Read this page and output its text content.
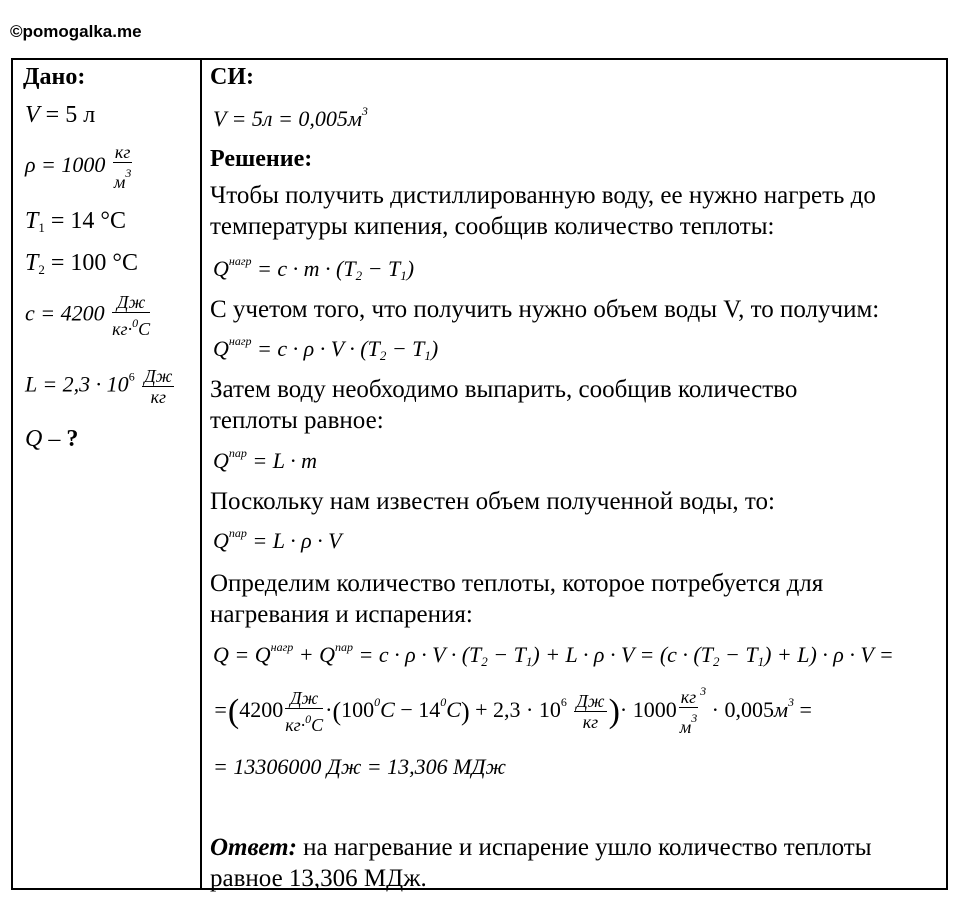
©pomogalka.me
Дано:
V = 5 л
$\rho = 1000 \frac{кг}{м^3}$
$T_1 = 14$ °C
$T_2 = 100$ °C
$c = 4200 \frac{Дж}{кг\cdot^0C}$
$L = 2,3 \cdot 10^6 \frac{Дж}{кг}$
Q – ?
СИ:
$V = 5л = 0,005м^3$
Решение:
Чтобы получить дистиллированную воду, ее нужно нагреть до
температуры кипения, сообщив количество теплоты:
$Q^{нагр} = c \cdot m \cdot (T_2 - T_1)$
С учетом того, что получить нужно объем воды V, то получим:
$Q^{нагр} = c \cdot \rho \cdot V \cdot (T_2 - T_1)$
Затем воду необходимо выпарить, сообщив количество
теплоты равное:
$Q^{пар} = L \cdot m$
Поскольку нам известен объем полученной воды, то:
$Q^{пар} = L \cdot \rho \cdot V$
Определим количество теплоты, которое потребуется для
нагревания и испарения:
$Q = Q^{нагр} + Q^{пар} = c \cdot \rho \cdot V \cdot (T_2 - T_1) + L \cdot \rho \cdot V = (c \cdot (T_2 - T_1) + L) \cdot \rho \cdot V$ =
$=(4200 \frac{Дж}{кг\cdot^0C} \cdot(100^0C - 14^0C) + 2,3 \cdot 10^6 \frac{Дж}{кг}$ )· $1000 \frac{кг}{м^3} ^3 \cdot 0,005м^3$ =
= 13306000 Дж = 13,306 МДж
Ответ: на нагревание и испарение ушло количество теплоты
равное 13,306 МДж.
